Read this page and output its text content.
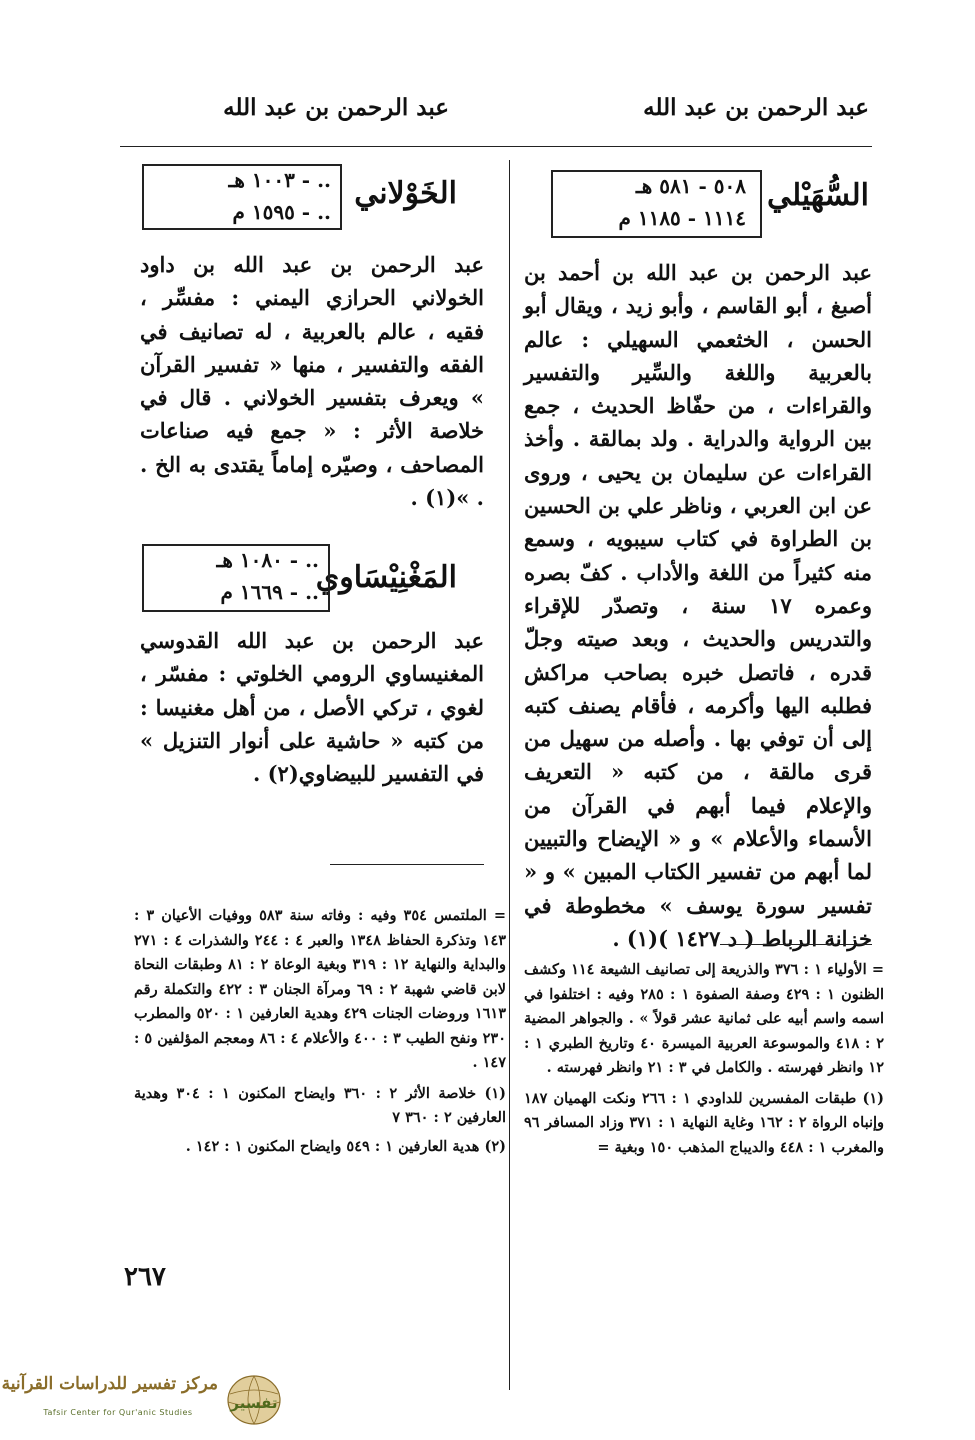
عبد الرحمن بن عبد الله
عبد الرحمن بن عبد الله
السُّهَيْلي
٥٠٨ - ٥٨١ هـ
١١١٤ - ١١٨٥ م

عبد الرحمن بن عبد الله بن أحمد بن أصبغ ، أبو القاسم ، وأبو زيد ، ويقال أبو الحسن ، الخثعمي السهيلي : عالم بالعربية واللغة والسِّير والتفسير والقراءات ، من حفّاظ الحديث ، جمع بين الرواية والدراية . ولد بمالقة . وأخذ القراءات عن سليمان بن يحيى ، وروى عن ابن العربي ، وناظر علي بن الحسين بن الطراوة في كتاب سيبويه ، وسمع منه كثيراً من اللغة والأداب . كفّ بصره وعمره ١٧ سنة ، وتصدّر للإقراء والتدريس والحديث ، وبعد صيته وجلّ قدره ، فاتصل خبره بصاحب مراكش فطلبه اليها وأكرمه ، فأقام يصنف كتبه إلى أن توفي بها . وأصله من سهيل من قرى مالقة ، من كتبه « التعريف والإعلام فيما أبهم في القرآن من الأسماء والأعلام » و « الإيضاح والتبيين لما أبهم من تفسير الكتاب المبين » و « تفسير سورة يوسف » مخطوطة في خزانة الرباط ( د ١٤٢٧ )(١) .

= الأولياء ١ : ٣٧٦ والذريعة إلى تصانيف الشيعة ١١٤ وكشف الظنون ١ : ٤٢٩ وصفة الصفوة ١ : ٢٨٥ وفيه : اختلفوا في اسمه واسم أبيه على ثمانية عشر قولاً » . والجواهر المضية ٢ : ٤١٨ والموسوعة العربية الميسرة ٤٠ وتاريخ الطبري ١ : ١٢ وانظر فهرسته . والكامل في ٣ : ٢١ وانظر فهرسته .

(١) طبقات المفسرين للداودي ١ : ٢٦٦ ونكت الهميان ١٨٧ وإنباه الرواة ٢ : ١٦٢ وغاية النهاية ١ : ٣٧١ وزاد المسافر ٩٦ والمغرب ١ : ٤٤٨ والديباج المذهب ١٥٠ وبغية =

الخَوْلاني
.. - ١٠٠٣ هـ
.. - ١٥٩٥ م

عبد الرحمن بن عبد الله بن داود الخولاني الحرازي اليمني : مفسِّر ، فقيه ، عالم بالعربية ، له تصانيف في الفقه والتفسير ، منها « تفسير القرآن » ويعرف بتفسير الخولاني . قال في خلاصة الأثر : « جمع فيه صناعات المصاحف ، وصيّره إماماً يقتدى به الخ . . »(١) .

المَغْنِيْسَاوي
.. - ١٠٨٠ هـ
.. - ١٦٦٩ م

عبد الرحمن بن عبد الله القدوسي المغنيساوي الرومي الخلوتي : مفسّر ، لغوي ، تركي الأصل ، من أهل مغنيسا : من كتبه « حاشية على أنوار التنزيل » في التفسير للبيضاوي(٢) .

= الملتمس ٣٥٤ وفيه : وفاته سنة ٥٨٣ ووفيات الأعيان ٣ : ١٤٣ وتذكرة الحفاظ ١٣٤٨ والعبر ٤ : ٢٤٤ والشذرات ٤ : ٢٧١ والبداية والنهاية ١٢ : ٣١٩ وبغية الوعاة ٢ : ٨١ وطبقات النحاة لابن قاضي شهبة ٢ : ٦٩ ومرآة الجنان ٣ : ٤٢٢ والتكملة رقم ١٦١٣ وروضات الجنات ٤٢٩ وهدية العارفين ١ : ٥٢٠ والمطرب ٢٣٠ ونفح الطيب ٣ : ٤٠٠ والأعلام ٤ : ٨٦ ومعجم المؤلفين ٥ : ١٤٧ .

(١) خلاصة الأثر ٢ : ٣٦٠ وايضاح المكنون ١ : ٣٠٤ وهدية العارفين ٢ : ٣٦٠ ٧

(٢) هدية العارفين ١ : ٥٤٩ وايضاح المكنون ١ : ١٤٢ .

٢٦٧
مركز تفسير للدراسات القرآنية
Tafsir Center for Qur'anic Studies
تفسير
